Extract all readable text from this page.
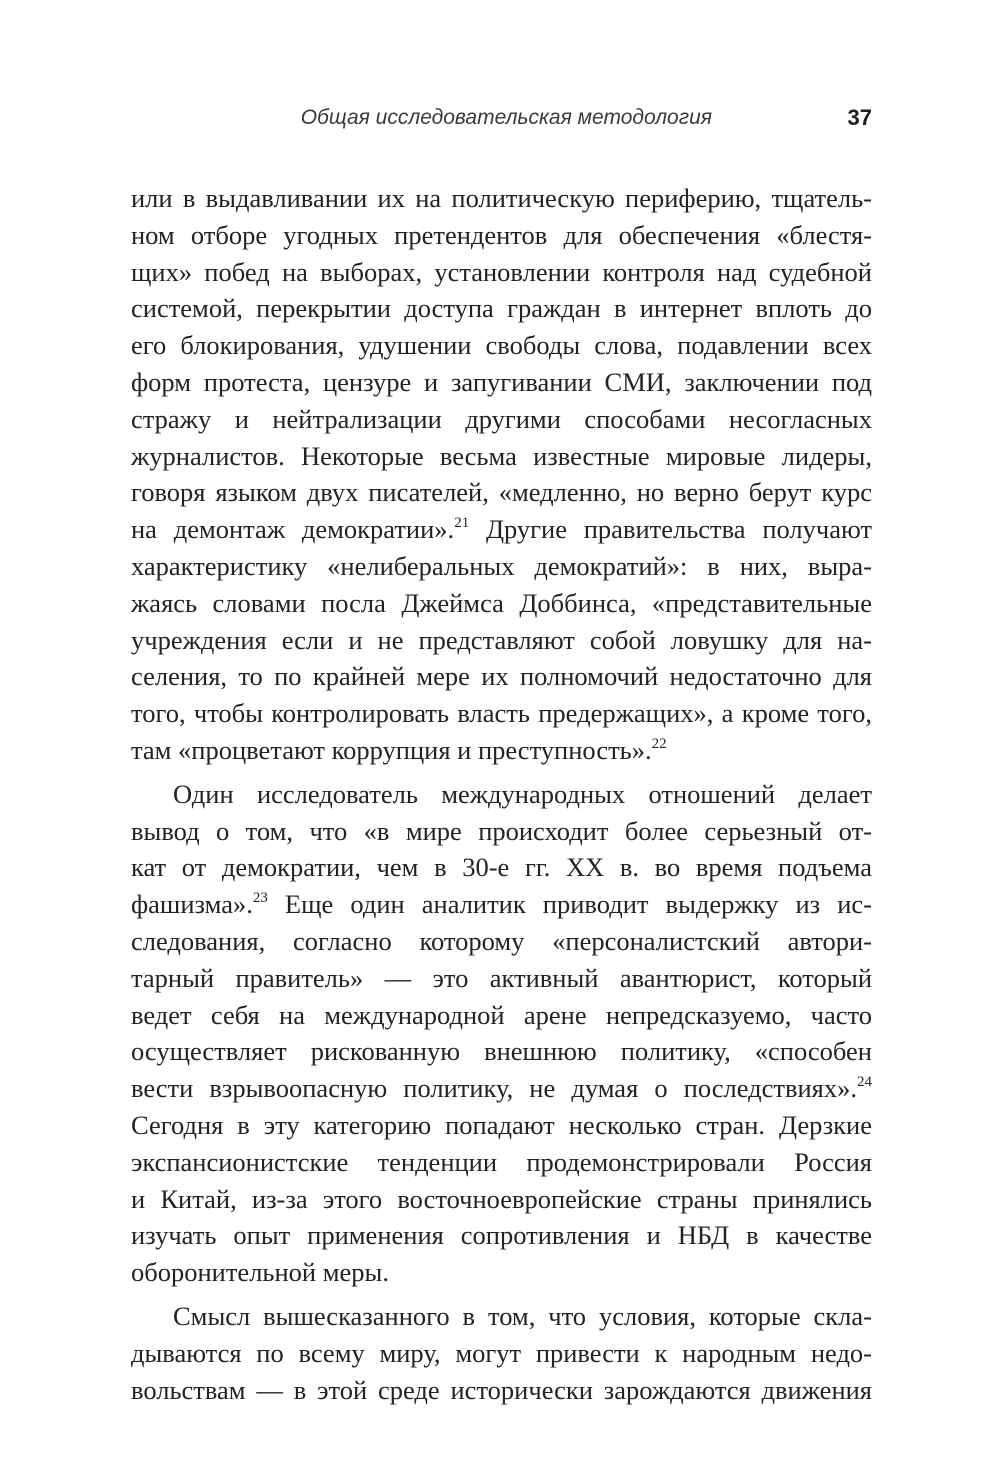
Общая исследовательская методология	37
или в выдавливании их на политическую периферию, тщатель-
ном отборе угодных претендентов для обеспечения «блестя-
щих» побед на выборах, установлении контроля над судебной
системой, перекрытии доступа граждан в интернет вплоть до
его блокирования, удушении свободы слова, подавлении всех
форм протеста, цензуре и запугивании СМИ, заключении под
стражу и нейтрализации другими способами несогласных
журналистов. Некоторые весьма известные мировые лидеры,
говоря языком двух писателей, «медленно, но верно берут курс
на демонтаж демократии».$^{21}$ Другие правительства получают
характеристику «нелиберальных демократий»: в них, выра-
жаясь словами посла Джеймса Доббинса, «представительные
учреждения если и не представляют собой ловушку для на-
селения, то по крайней мере их полномочий недостаточно для
того, чтобы контролировать власть предержащих», а кроме того,
там «процветают коррупция и преступность».$^{22}$
Один исследователь международных отношений делает
вывод о том, что «в мире происходит более серьезный от-
кат от демократии, чем в 30-е гг. XX в. во время подъема
фашизма».$^{23}$ Еще один аналитик приводит выдержку из ис-
следования, согласно которому «персоналистский автори-
тарный правитель» — это активный авантюрист, который
ведет себя на международной арене непредсказуемо, часто
осуществляет рискованную внешнюю политику, «способен
вести взрывоопасную политику, не думая о последствиях».$^{24}$
Сегодня в эту категорию попадают несколько стран. Дерзкие
экспансионистские тенденции продемонстрировали Россия
и Китай, из-за этого восточноевропейские страны принялись
изучать опыт применения сопротивления и НБД в качестве
оборонительной меры.
Смысл вышесказанного в том, что условия, которые скла-
дываются по всему миру, могут привести к народным недо-
вольствам — в этой среде исторически зарождаются движения
